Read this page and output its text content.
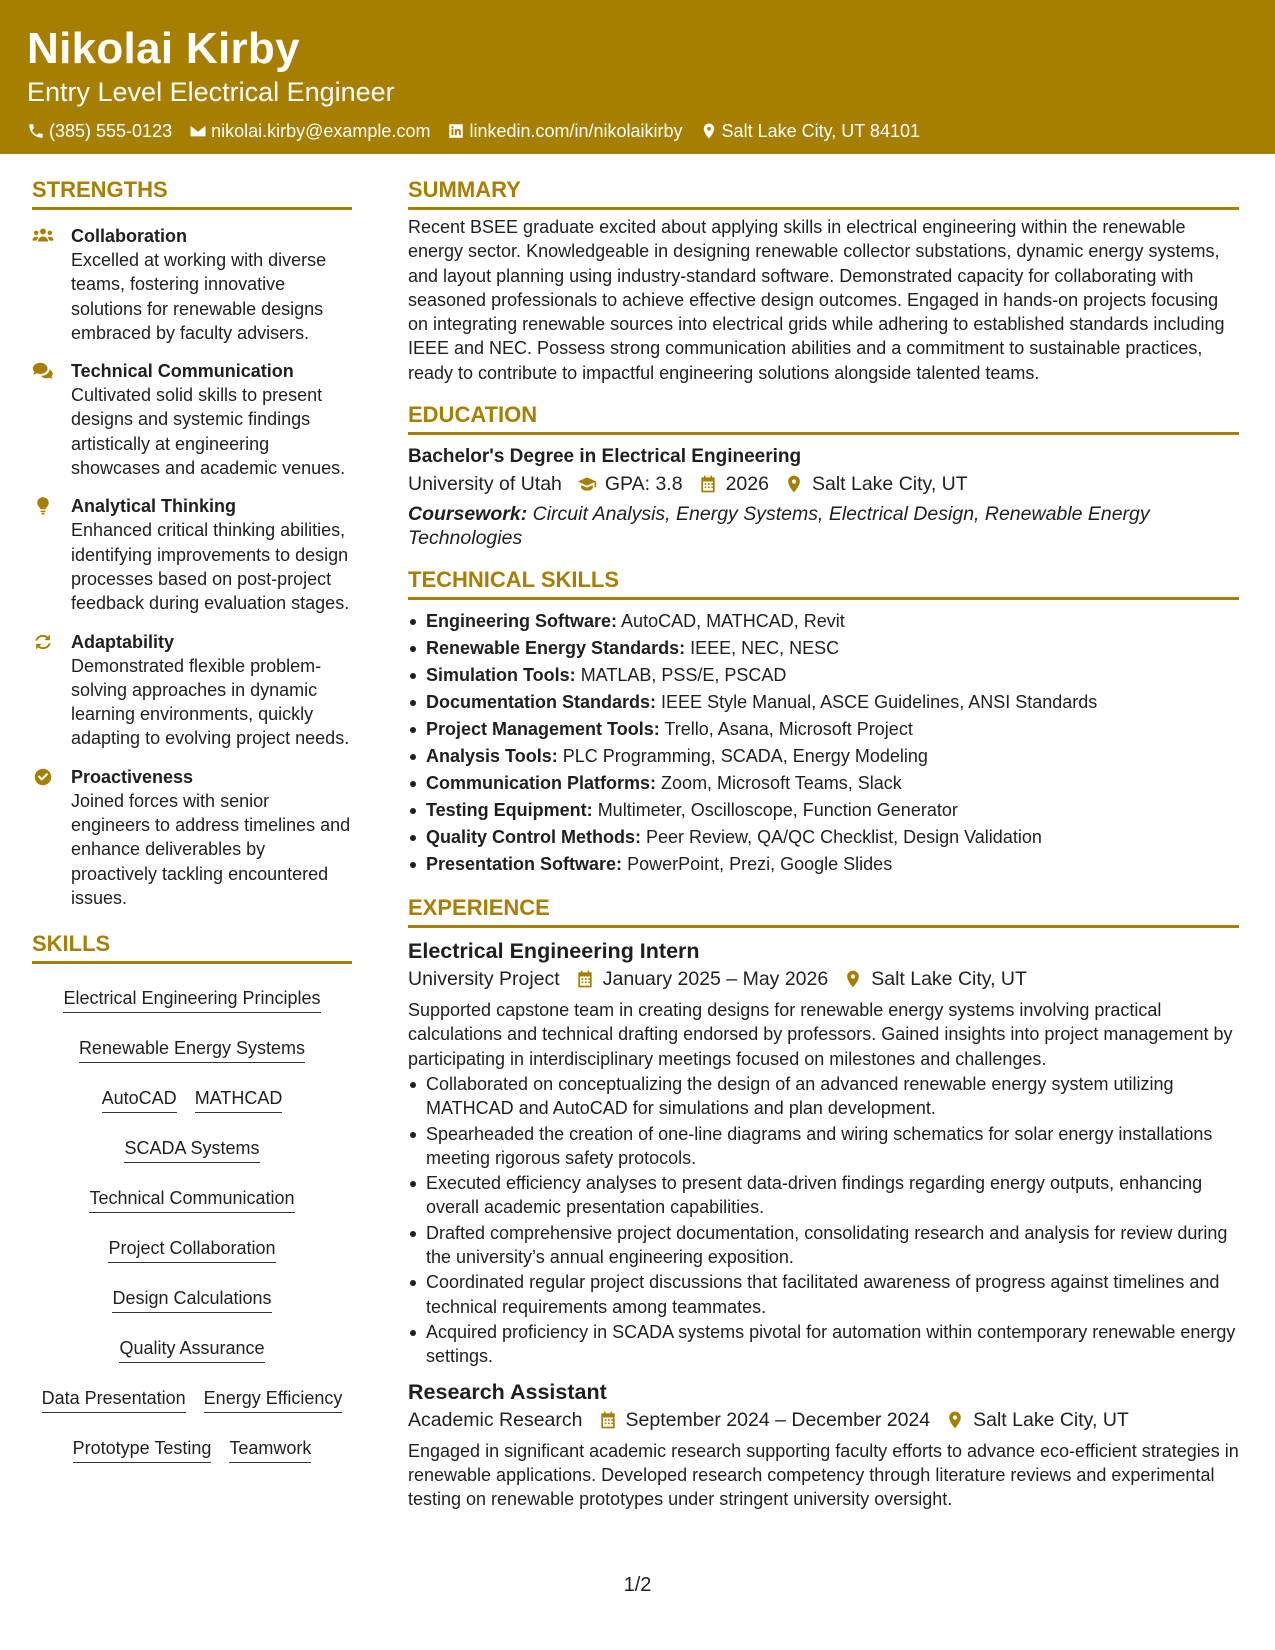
Nikolai Kirby
Entry Level Electrical Engineer
(385) 555-0123 nikolai.kirby@example.com linkedin.com/in/nikolaikirby Salt Lake City, UT 84101
STRENGTHS
Collaboration
Excelled at working with diverse teams, fostering innovative solutions for renewable designs embraced by faculty advisers.
Technical Communication
Cultivated solid skills to present designs and systemic findings artistically at engineering showcases and academic venues.
Analytical Thinking
Enhanced critical thinking abilities, identifying improvements to design processes based on post-project feedback during evaluation stages.
Adaptability
Demonstrated flexible problem-solving approaches in dynamic learning environments, quickly adapting to evolving project needs.
Proactiveness
Joined forces with senior engineers to address timelines and enhance deliverables by proactively tackling encountered issues.
SKILLS
Electrical Engineering Principles
Renewable Energy Systems
AutoCAD MATHCAD
SCADA Systems
Technical Communication
Project Collaboration
Design Calculations
Quality Assurance
Data Presentation Energy Efficiency
Prototype Testing Teamwork
SUMMARY
Recent BSEE graduate excited about applying skills in electrical engineering within the renewable energy sector. Knowledgeable in designing renewable collector substations, dynamic energy systems, and layout planning using industry-standard software. Demonstrated capacity for collaborating with seasoned professionals to achieve effective design outcomes. Engaged in hands-on projects focusing on integrating renewable sources into electrical grids while adhering to established standards including IEEE and NEC. Possess strong communication abilities and a commitment to sustainable practices, ready to contribute to impactful engineering solutions alongside talented teams.
EDUCATION
Bachelor's Degree in Electrical Engineering
University of Utah GPA: 3.8 2026 Salt Lake City, UT
Coursework: Circuit Analysis, Energy Systems, Electrical Design, Renewable Energy Technologies
TECHNICAL SKILLS
Engineering Software: AutoCAD, MATHCAD, Revit
Renewable Energy Standards: IEEE, NEC, NESC
Simulation Tools: MATLAB, PSS/E, PSCAD
Documentation Standards: IEEE Style Manual, ASCE Guidelines, ANSI Standards
Project Management Tools: Trello, Asana, Microsoft Project
Analysis Tools: PLC Programming, SCADA, Energy Modeling
Communication Platforms: Zoom, Microsoft Teams, Slack
Testing Equipment: Multimeter, Oscilloscope, Function Generator
Quality Control Methods: Peer Review, QA/QC Checklist, Design Validation
Presentation Software: PowerPoint, Prezi, Google Slides
EXPERIENCE
Electrical Engineering Intern
University Project January 2025 – May 2026 Salt Lake City, UT
Supported capstone team in creating designs for renewable energy systems involving practical calculations and technical drafting endorsed by professors. Gained insights into project management by participating in interdisciplinary meetings focused on milestones and challenges.
Collaborated on conceptualizing the design of an advanced renewable energy system utilizing MATHCAD and AutoCAD for simulations and plan development.
Spearheaded the creation of one-line diagrams and wiring schematics for solar energy installations meeting rigorous safety protocols.
Executed efficiency analyses to present data-driven findings regarding energy outputs, enhancing overall academic presentation capabilities.
Drafted comprehensive project documentation, consolidating research and analysis for review during the university’s annual engineering exposition.
Coordinated regular project discussions that facilitated awareness of progress against timelines and technical requirements among teammates.
Acquired proficiency in SCADA systems pivotal for automation within contemporary renewable energy settings.
Research Assistant
Academic Research September 2024 – December 2024 Salt Lake City, UT
Engaged in significant academic research supporting faculty efforts to advance eco-efficient strategies in renewable applications. Developed research competency through literature reviews and experimental testing on renewable prototypes under stringent university oversight.
1/2
